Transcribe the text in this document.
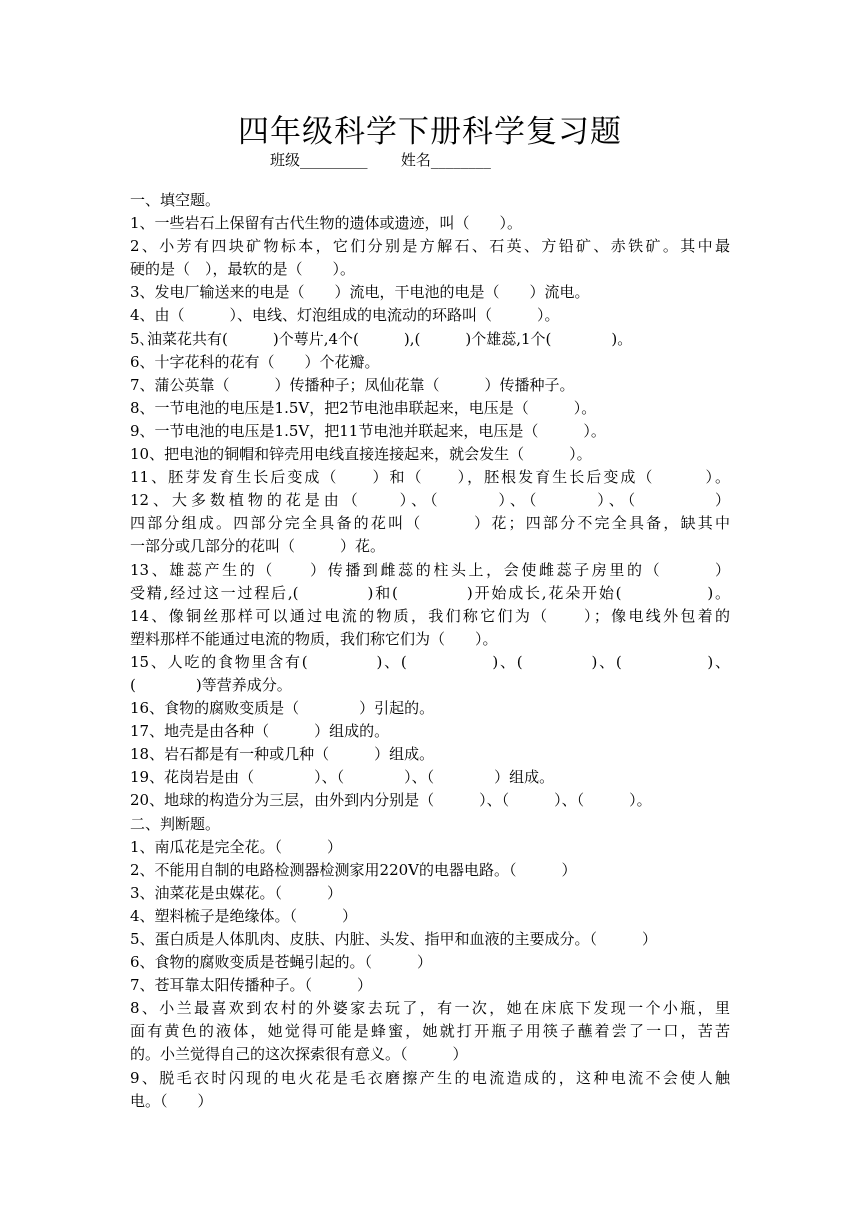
四年级科学下册科学复习题
班级_________ 姓名________
一、填空题。
1、一些岩石上保留有古代生物的遗体或遗迹，叫（　　）。
2、小芳有四块矿物标本，它们分别是方解石、石英、方铅矿、赤铁矿。其中最
硬的是（　），最软的是（　　）。
3、发电厂输送来的电是（　　）流电，干电池的电是（　　）流电。
4、由（　　　）、电线、灯泡组成的电流动的环路叫（　　　）。
5､油菜花共有(　　　)个萼片,4个(　　　),(　　　)个雄蕊,1个(　　　　)。
6、十字花科的花有（　　）个花瓣。
7、蒲公英靠（　　　）传播种子；凤仙花靠（　　　）传播种子。
8、一节电池的电压是1.5V，把2节电池串联起来，电压是（　　　）。
9、一节电池的电压是1.5V，把11节电池并联起来，电压是（　　　）。
10、把电池的铜帽和锌壳用电线直接连接起来，就会发生（　　　）。
11、胚芽发育生长后变成（　　）和（　　），胚根发育生长后变成（　　　）。
12、大多数植物的花是由（　　）、（　　　）、（　　　）、（　　　　）
四部分组成。四部分完全具备的花叫（　　　）花；四部分不完全具备，缺其中
一部分或几部分的花叫（　　　）花。
13、雄蕊产生的（　　）传播到雌蕊的柱头上，会使雌蕊子房里的（　　　）
受精,经过这一过程后,(　　　　)和(　　　　)开始成长,花朵开始(　　　　　)。
14、像铜丝那样可以通过电流的物质，我们称它们为（　　）；像电线外包着的
塑料那样不能通过电流的物质，我们称它们为（　　）。
15、人吃的食物里含有(　　　　)、(　　　　　)、(　　　　)、(　　　　　)、
(　　　　)等营养成分。
16、食物的腐败变质是（　　　　）引起的。
17、地壳是由各种（　　　）组成的。
18、岩石都是有一种或几种（　　　）组成。
19、花岗岩是由（　　　　）、（　　　　）、（　　　　）组成。
20、地球的构造分为三层，由外到内分别是（　　　）、（　　　）、（　　　）。
二、判断题。
1、南瓜花是完全花。（　　　）
2、不能用自制的电路检测器检测家用220V的电器电路。（　　　）
3、油菜花是虫媒花。（　　　）
4、塑料梳子是绝缘体。（　　　）
5、蛋白质是人体肌肉、皮肤、内脏、头发、指甲和血液的主要成分。（　　　）
6、食物的腐败变质是苍蝇引起的。（　　　）
7、苍耳靠太阳传播种子。（　　　）
8、小兰最喜欢到农村的外婆家去玩了，有一次，她在床底下发现一个小瓶，里
面有黄色的液体，她觉得可能是蜂蜜，她就打开瓶子用筷子蘸着尝了一口，苦苦
的。小兰觉得自己的这次探索很有意义。（　　　）
9、脱毛衣时闪现的电火花是毛衣磨擦产生的电流造成的，这种电流不会使人触
电。（　　）
